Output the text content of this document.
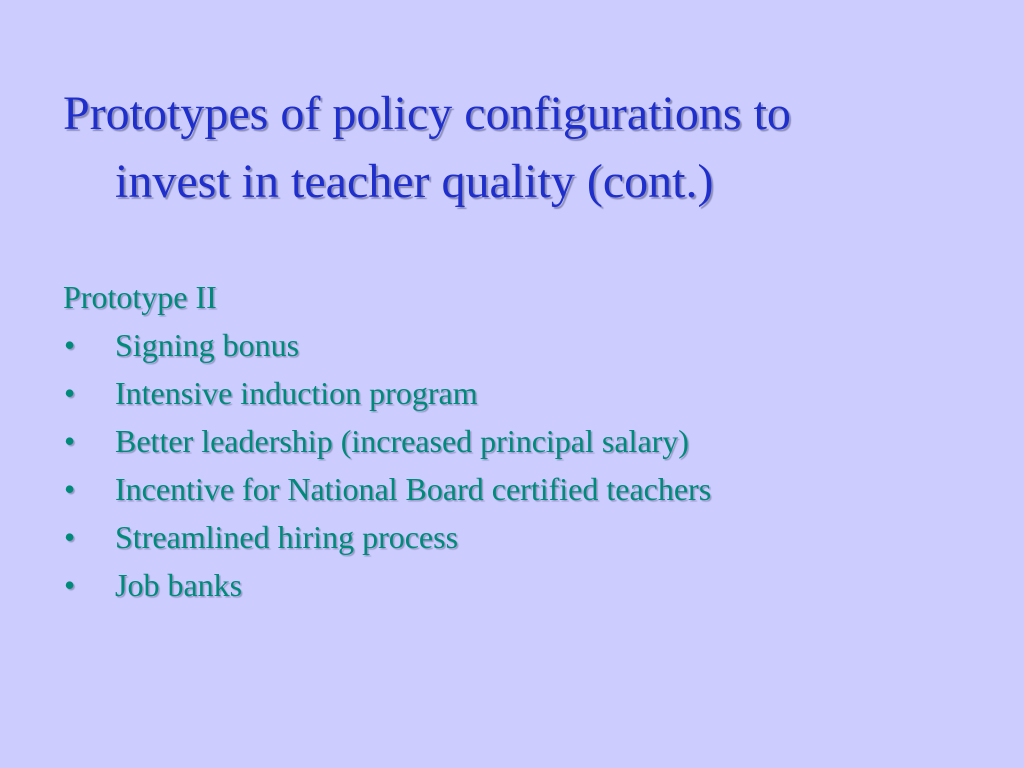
Prototypes of policy configurations to
invest in teacher quality (cont.)
Prototype II
•	Signing bonus
•	Intensive induction program
•	Better leadership (increased principal salary)
•	Incentive for National Board certified teachers
•	Streamlined hiring process
•	Job banks
